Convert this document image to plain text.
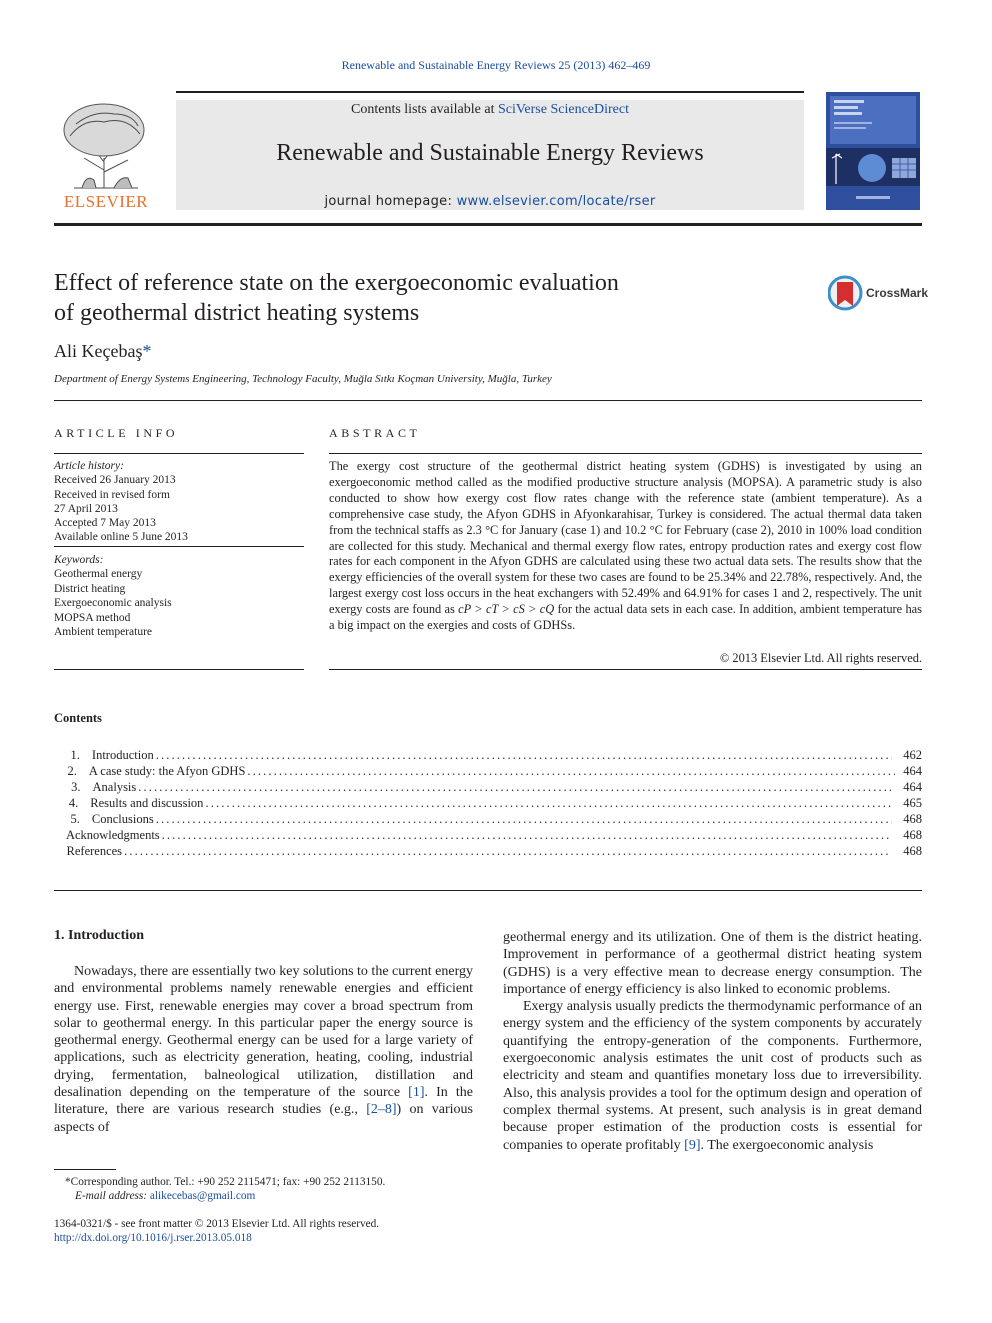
Renewable and Sustainable Energy Reviews 25 (2013) 462–469
ELSEVIER
Contents lists available at SciVerse ScienceDirect
Renewable and Sustainable Energy Reviews
journal homepage: www.elsevier.com/locate/rser
Effect of reference state on the exergoeconomic evaluation
of geothermal district heating systems
CrossMark
Ali Keçebaş*
Department of Energy Systems Engineering, Technology Faculty, Muğla Sıtkı Koçman University, Muğla, Turkey
ARTICLE INFO
Article history:
Received 26 January 2013
Received in revised form
27 April 2013
Accepted 7 May 2013
Available online 5 June 2013
Keywords:
Geothermal energy
District heating
Exergoeconomic analysis
MOPSA method
Ambient temperature
ABSTRACT
The exergy cost structure of the geothermal district heating system (GDHS) is investigated by using an exergoeconomic method called as the modified productive structure analysis (MOPSA). A parametric study is also conducted to show how exergy cost flow rates change with the reference state (ambient temperature). As a comprehensive case study, the Afyon GDHS in Afyonkarahisar, Turkey is considered. The actual thermal data taken from the technical staffs as 2.3 °C for January (case 1) and 10.2 °C for February (case 2), 2010 in 100% load condition are collected for this study. Mechanical and thermal exergy flow rates, entropy production rates and exergy cost flow rates for each component in the Afyon GDHS are calculated using these two actual data sets. The results show that the exergy efficiencies of the overall system for these two cases are found to be 25.34% and 22.78%, respectively. And, the largest exergy cost loss occurs in the heat exchangers with 52.49% and 64.91% for cases 1 and 2, respectively. The unit exergy costs are found as cP > cT > cS > cQ for the actual data sets in each case. In addition, ambient temperature has a big impact on the exergies and costs of GDHSs.
© 2013 Elsevier Ltd. All rights reserved.
Contents
1. Introduction . . .	462
2. A case study: the Afyon GDHS . . .	464
3. Analysis . . .	464
4. Results and discussion . . .	465
5. Conclusions . . .	468
Acknowledgments . . .	468
References . . .	468
1. Introduction

Nowadays, there are essentially two key solutions to the current energy and environmental problems namely renewable energies and efficient energy use. First, renewable energies may cover a broad spectrum from solar to geothermal energy. In this particular paper the energy source is geothermal energy. Geothermal energy can be used for a large variety of applications, such as electricity generation, heating, cooling, industrial drying, fermentation, balneological utilization, distillation and desalination depending on the temperature of the source [1]. In the literature, there are various research studies (e.g., [2–8]) on various aspects of

geothermal energy and its utilization. One of them is the district heating. Improvement in performance of a geothermal district heating system (GDHS) is a very effective mean to decrease energy consumption. The importance of energy efficiency is also linked to economic problems.

Exergy analysis usually predicts the thermodynamic performance of an energy system and the efficiency of the system components by accurately quantifying the entropy-generation of the components. Furthermore, exergoeconomic analysis estimates the unit cost of products such as electricity and steam and quantifies monetary loss due to irreversibility. Also, this analysis provides a tool for the optimum design and operation of complex thermal systems. At present, such analysis is in great demand because proper estimation of the production costs is essential for companies to operate profitably [9]. The exergoeconomic analysis

*Corresponding author. Tel.: +90 252 2115471; fax: +90 252 2113150.
E-mail address: alikecebas@gmail.com
1364-0321/$ - see front matter © 2013 Elsevier Ltd. All rights reserved.
http://dx.doi.org/10.1016/j.rser.2013.05.018
